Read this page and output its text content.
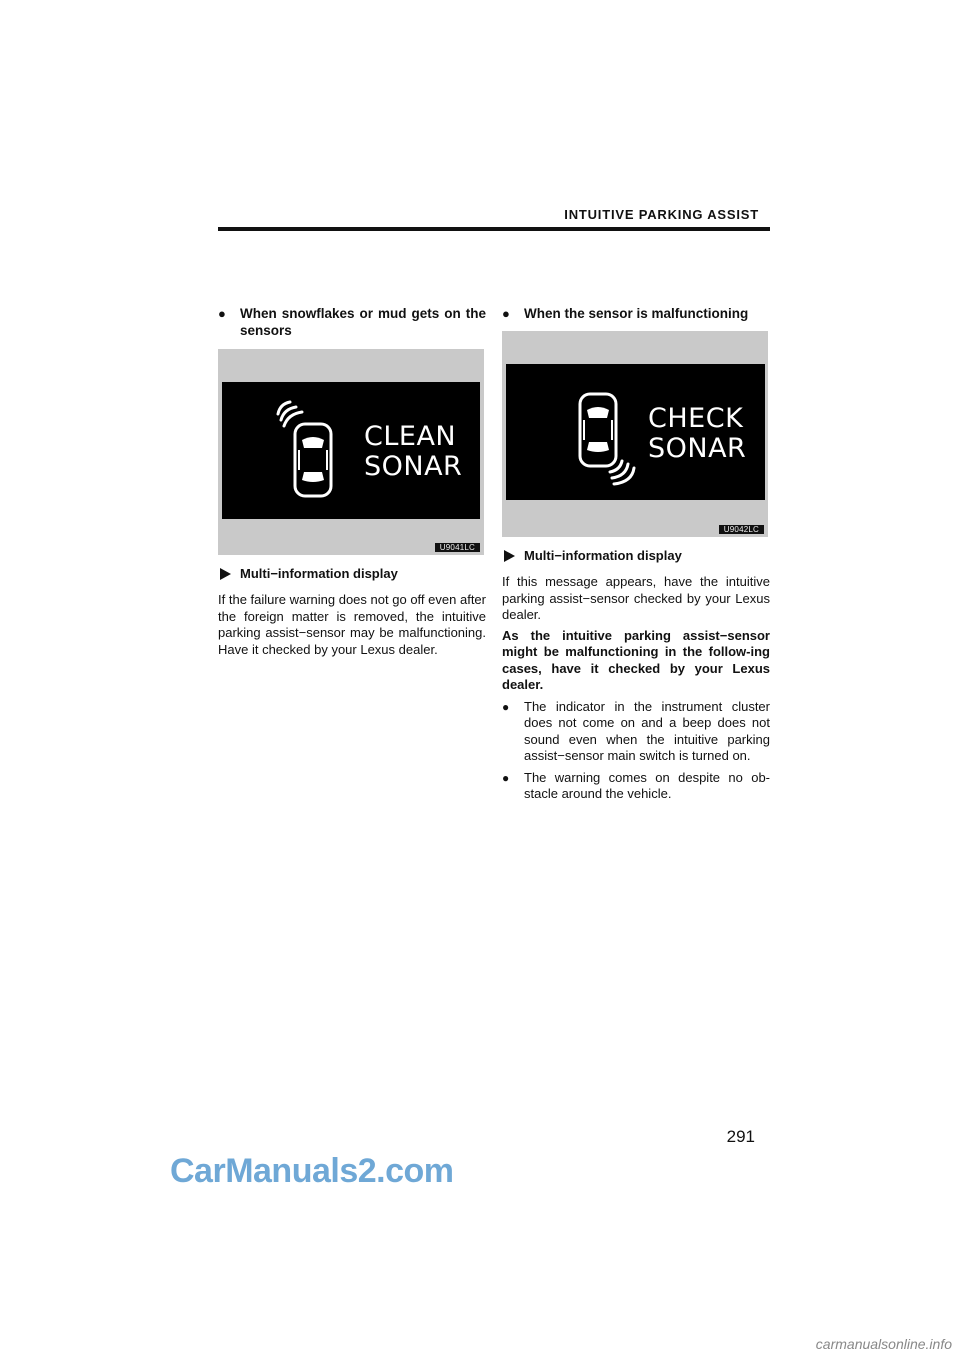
INTUITIVE PARKING ASSIST
●	When snowflakes or mud gets on the sensors
CLEAN
SONAR
U9041LC
Multi−information display
If the failure warning does not go off even after the foreign matter is removed, the intuitive parking assist−sensor may be malfunctioning. Have it checked by your Lexus dealer.
●	When the sensor is malfunctioning
CHECK
SONAR
U9042LC
Multi−information display
If this message appears, have the intuitive parking assist−sensor checked by your Lexus dealer.
As the intuitive parking assist−sensor might be malfunctioning in the follow-ing cases, have it checked by your Lexus dealer.
●	The indicator in the instrument cluster does not come on and a beep does not sound even when the intuitive parking assist−sensor main switch is turned on.
●	The warning comes on despite no ob-stacle around the vehicle.
291
CarManuals2.com
carmanualsonline.info
